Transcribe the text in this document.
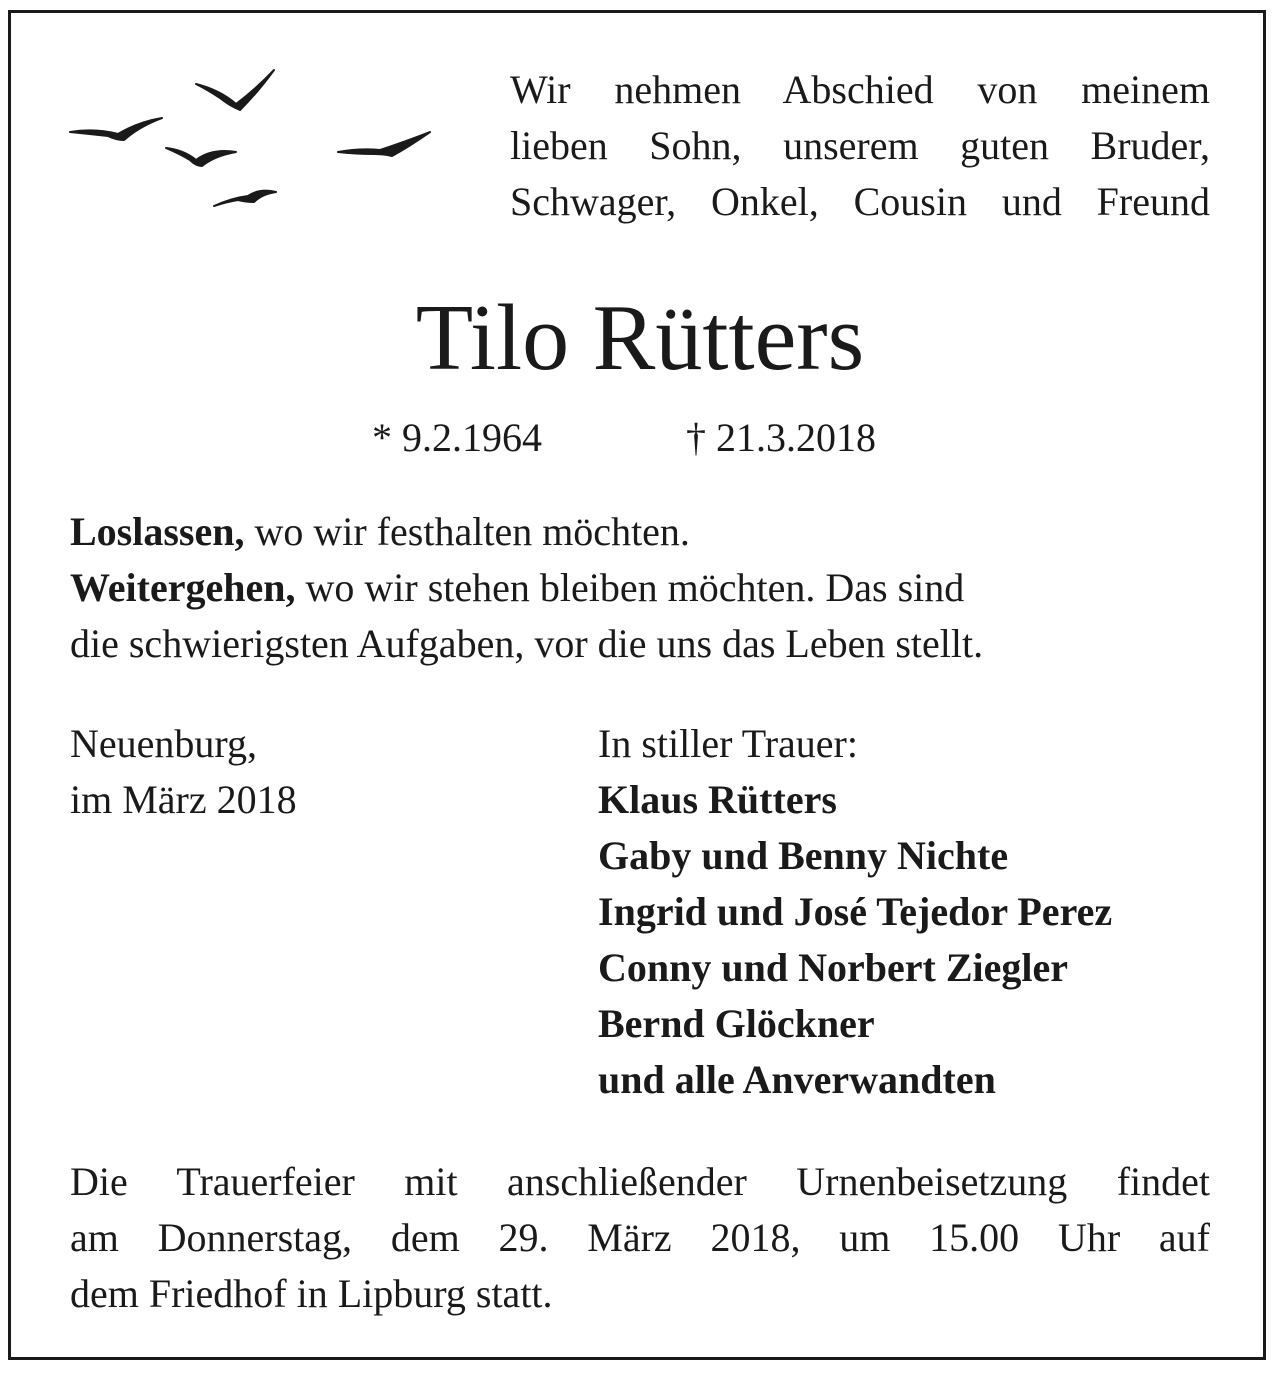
Wir nehmen Abschied von meinem
lieben Sohn, unserem guten Bruder,
Schwager, Onkel, Cousin und Freund
Tilo Rütters
* 9.2.1964	† 21.3.2018
Loslassen, wo wir festhalten möchten.
Weitergehen, wo wir stehen bleiben möchten. Das sind
die schwierigsten Aufgaben, vor die uns das Leben stellt.
Neuenburg,
im März 2018
In stiller Trauer:
Klaus Rütters
Gaby und Benny Nichte
Ingrid und José Tejedor Perez
Conny und Norbert Ziegler
Bernd Glöckner
und alle Anverwandten
Die Trauerfeier mit anschließender Urnenbeisetzung findet
am Donnerstag, dem 29. März 2018, um 15.00 Uhr auf
dem Friedhof in Lipburg statt.
